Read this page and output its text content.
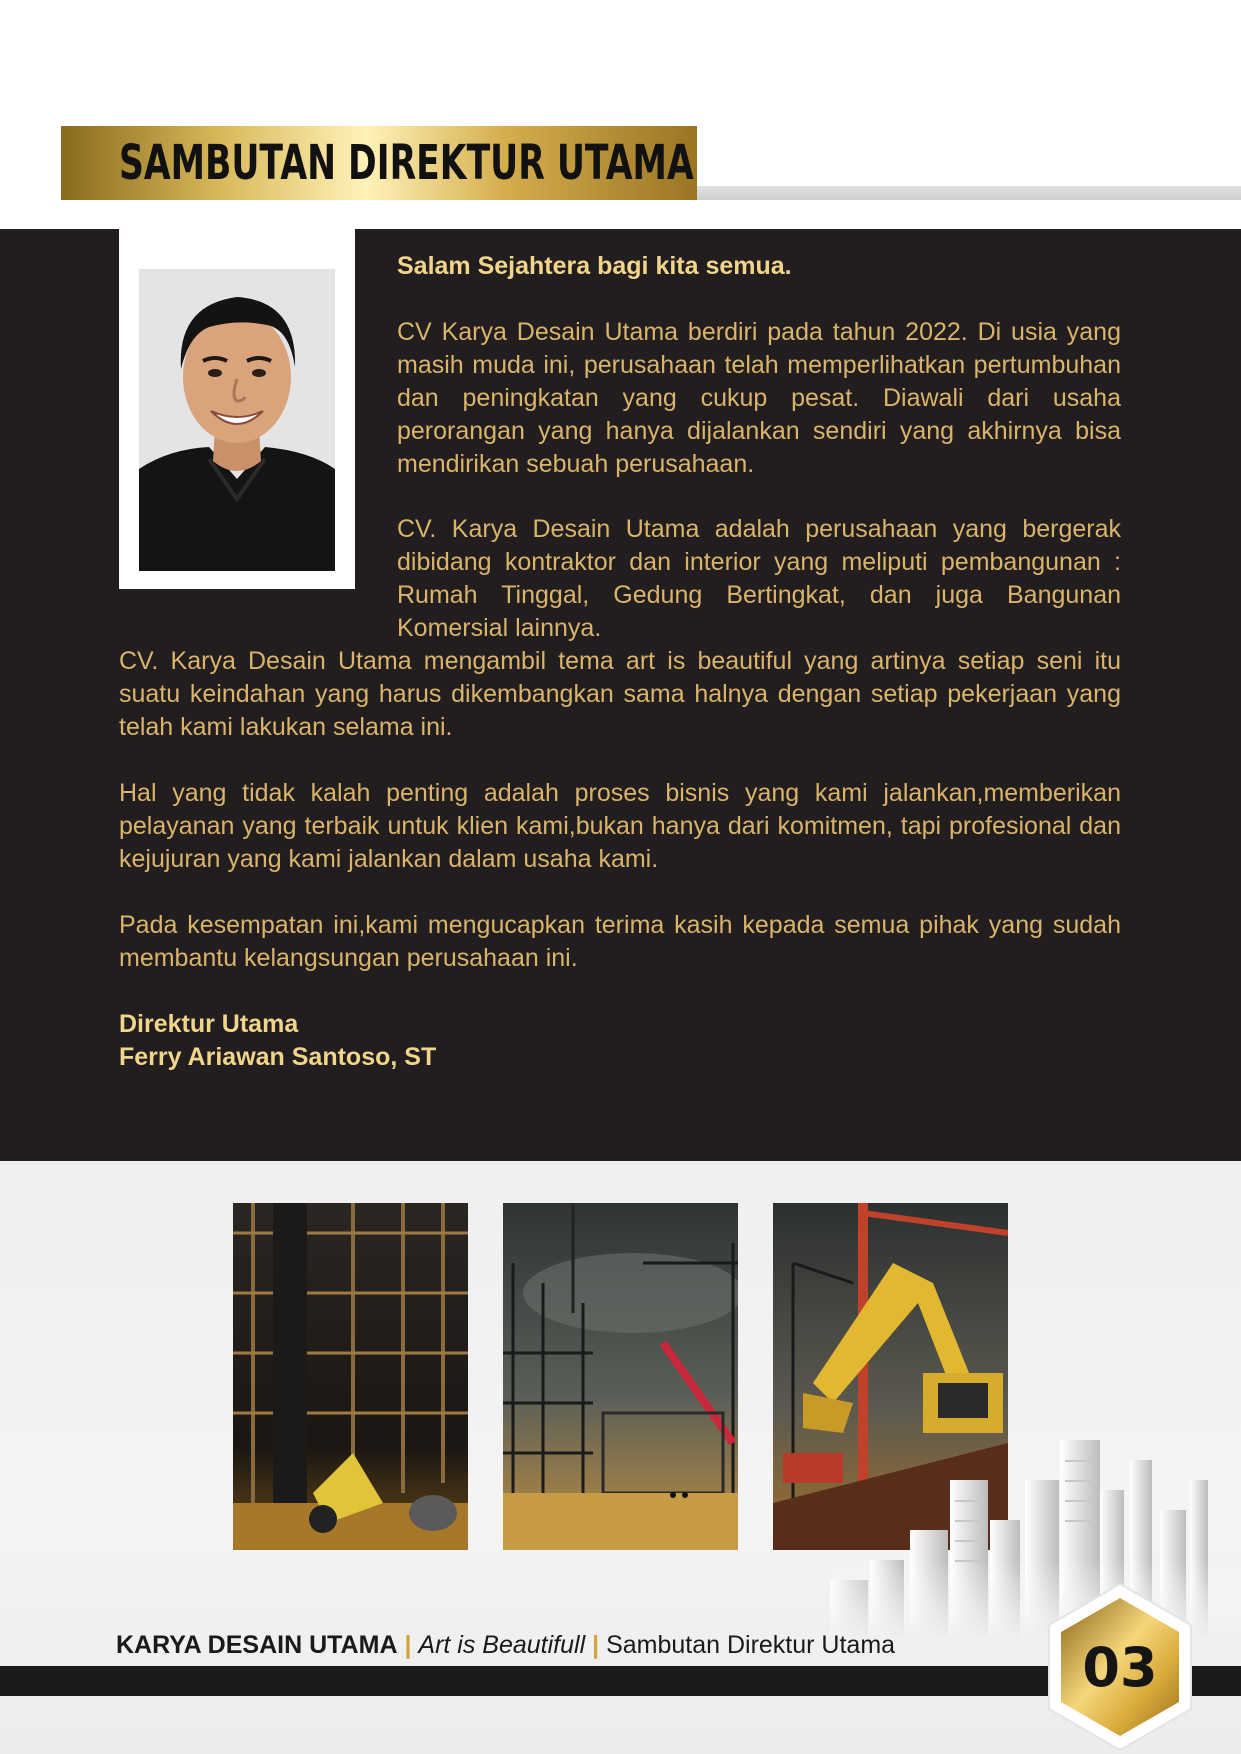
SAMBUTAN DIREKTUR UTAMA

Salam Sejahtera bagi kita semua.

CV Karya Desain Utama berdiri pada tahun 2022. Di usia yang masih muda ini, perusahaan telah memperlihatkan pertumbuhan dan peningkatan yang cukup pesat. Diawali dari usaha perorangan yang hanya dijalankan sendiri yang akhirnya bisa mendirikan sebuah perusahaan.

CV. Karya Desain Utama adalah perusahaan yang bergerak dibidang kontraktor dan interior yang meliputi pembangunan : Rumah Tinggal, Gedung Bertingkat, dan juga Bangunan Komersial lainnya.

CV. Karya Desain Utama mengambil tema art is beautiful yang artinya setiap seni itu suatu keindahan yang harus dikembangkan sama halnya dengan setiap pekerjaan yang telah kami lakukan selama ini.

Hal yang tidak kalah penting adalah proses bisnis yang kami jalankan,memberikan pelayanan yang terbaik untuk klien kami,bukan hanya dari komitmen, tapi profesional dan kejujuran yang kami jalankan dalam usaha kami.

Pada kesempatan ini,kami mengucapkan terima kasih kepada semua pihak yang sudah membantu kelangsungan perusahaan ini.

Direktur Utama
Ferry Ariawan Santoso, ST
KARYA DESAIN UTAMA | Art is Beautifull | Sambutan Direktur Utama	03
